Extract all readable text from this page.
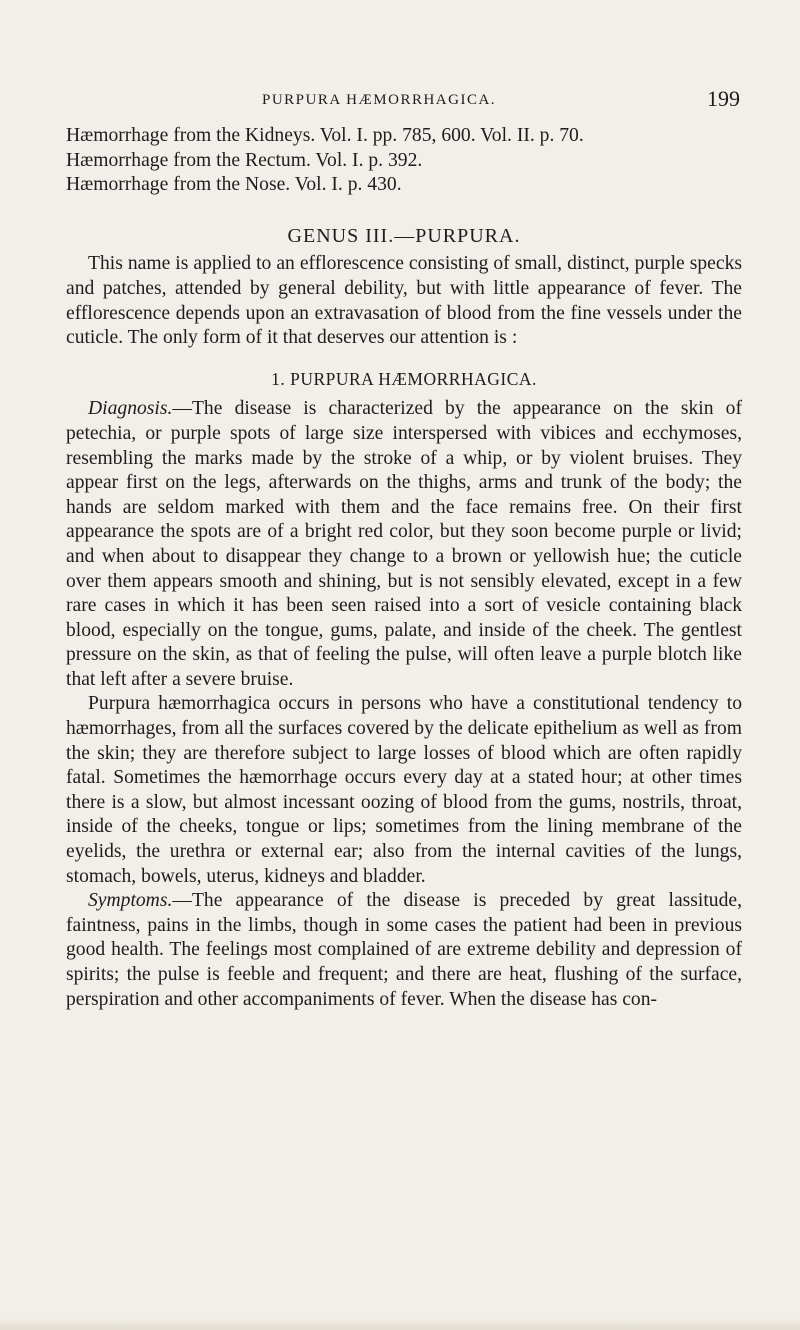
PURPURA HÆMORRHAGICA.	199

Hæmorrhage from the Kidneys. Vol. I. pp. 785, 600. Vol. II. p. 70.

Hæmorrhage from the Rectum. Vol. I. p. 392.

Hæmorrhage from the Nose. Vol. I. p. 430.

GENUS III.—PURPURA.

This name is applied to an efflorescence consisting of small, distinct, purple specks and patches, attended by general debility, but with little appearance of fever. The efflorescence depends upon an extravasation of blood from the fine vessels under the cuticle. The only form of it that deserves our attention is :

1. PURPURA HÆMORRHAGICA.

Diagnosis.—The disease is characterized by the appearance on the skin of petechia, or purple spots of large size interspersed with vibices and ecchymoses, resembling the marks made by the stroke of a whip, or by violent bruises. They appear first on the legs, afterwards on the thighs, arms and trunk of the body; the hands are seldom marked with them and the face remains free. On their first appearance the spots are of a bright red color, but they soon become purple or livid; and when about to disappear they change to a brown or yellowish hue; the cuticle over them appears smooth and shining, but is not sensibly elevated, except in a few rare cases in which it has been seen raised into a sort of vesicle containing black blood, especially on the tongue, gums, palate, and inside of the cheek. The gentlest pressure on the skin, as that of feeling the pulse, will often leave a purple blotch like that left after a severe bruise.

Purpura hæmorrhagica occurs in persons who have a constitutional tendency to hæmorrhages, from all the surfaces covered by the delicate epithelium as well as from the skin; they are therefore subject to large losses of blood which are often rapidly fatal. Sometimes the hæmorrhage occurs every day at a stated hour; at other times there is a slow, but almost incessant oozing of blood from the gums, nostrils, throat, inside of the cheeks, tongue or lips; sometimes from the lining membrane of the eyelids, the urethra or external ear; also from the internal cavities of the lungs, stomach, bowels, uterus, kidneys and bladder.

Symptoms.—The appearance of the disease is preceded by great lassitude, faintness, pains in the limbs, though in some cases the patient had been in previous good health. The feelings most complained of are extreme debility and depression of spirits; the pulse is feeble and frequent; and there are heat, flushing of the surface, perspiration and other accompaniments of fever. When the disease has con-
